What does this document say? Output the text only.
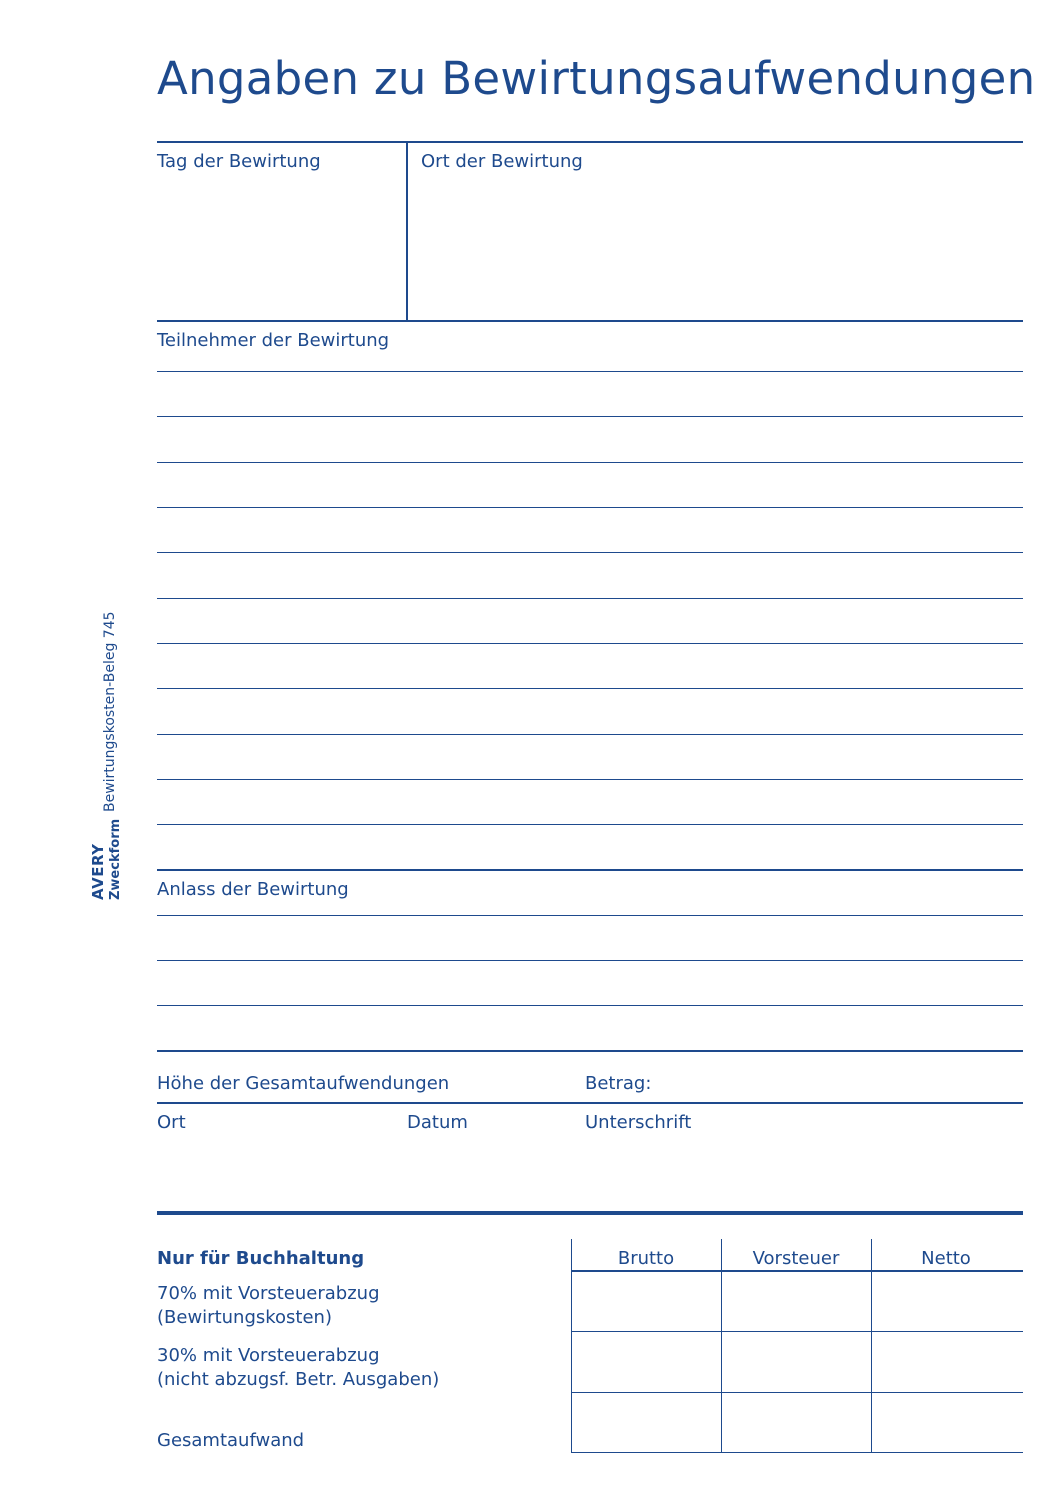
Angaben zu Bewirtungsaufwendungen
Tag der Bewirtung	Ort der Bewirtung
Teilnehmer der Bewirtung
Anlass der Bewirtung
Höhe der Gesamtaufwendungen	Betrag:
Ort	Datum	Unterschrift
Nur für Buchhaltung
70% mit Vorsteuerabzug
(Bewirtungskosten)
30% mit Vorsteuerabzug
(nicht abzugsf. Betr. Ausgaben)
Gesamtaufwand
Brutto	Vorsteuer	Netto
Bewirtungskosten-Beleg 745
AVERY Zweckform
